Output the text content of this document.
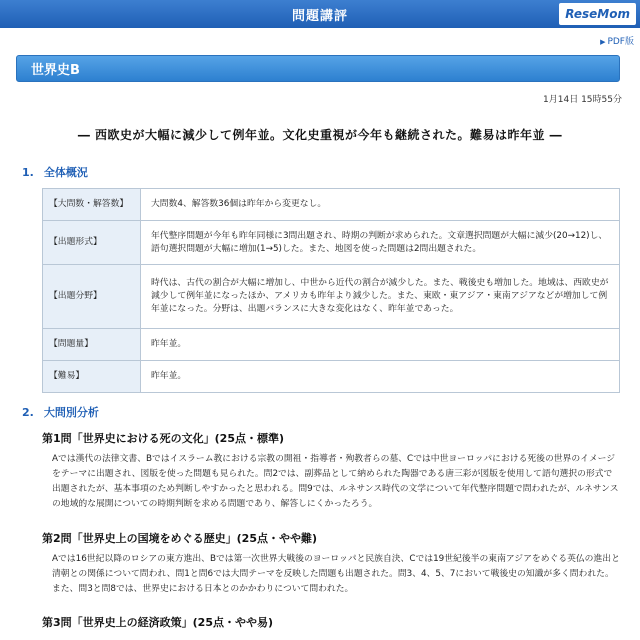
問題講評	ReseMom
▶ PDF版
世界史B
1月14日 15時55分
― 西欧史が大幅に減少して例年並。文化史重視が今年も継続された。難易は昨年並 ―
1. 全体概況
【大問数・解答数】	大問数4、解答数36個は昨年から変更なし。
【出題形式】	年代整序問題が今年も昨年同様に3問出題され、時期の判断が求められた。文章選択問題が大幅に減少(20→12)し、語句選択問題が大幅に増加(1→5)した。また、地図を使った問題は2問出題された。
【出題分野】	時代は、古代の割合が大幅に増加し、中世から近代の割合が減少した。また、戦後史も増加した。地域は、西欧史が減少して例年並になったほか、アメリカも昨年より減少した。また、東欧・東アジア・東南アジアなどが増加して例年並になった。分野は、出題バランスに大きな変化はなく、昨年並であった。
【問題量】	昨年並。
【難易】	昨年並。
2. 大問別分析
第1問「世界史における死の文化」(25点・標準)
Aでは漢代の法律文書、Bではイスラーム教における宗教の開祖・指導者・殉教者らの墓、Cでは中世ヨーロッパにおける死後の世界のイメージをテーマに出題され、図版を使った問題も見られた。問2では、副葬品として納められた陶器である唐三彩が図版を使用して語句選択の形式で出題されたが、基本事項のため判断しやすかったと思われる。問9では、ルネサンス時代の文学について年代整序問題で問われたが、ルネサンスの地域的な展開についての時期判断を求める問題であり、解答しにくかったろう。
第2問「世界史上の国境をめぐる歴史」(25点・やや難)
Aでは16世紀以降のロシアの東方進出、Bでは第一次世界大戦後のヨーロッパと民族自決、Cでは19世紀後半の東南アジアをめぐる英仏の進出と清朝との関係について問われ、問1と問6では大問テーマを反映した問題も出題された。問3、4、5、7において戦後史の知識が多く問われた。また、問3と問8では、世界史における日本とのかかわりについて問われた。
第3問「世界史上の経済政策」(25点・やや易)
